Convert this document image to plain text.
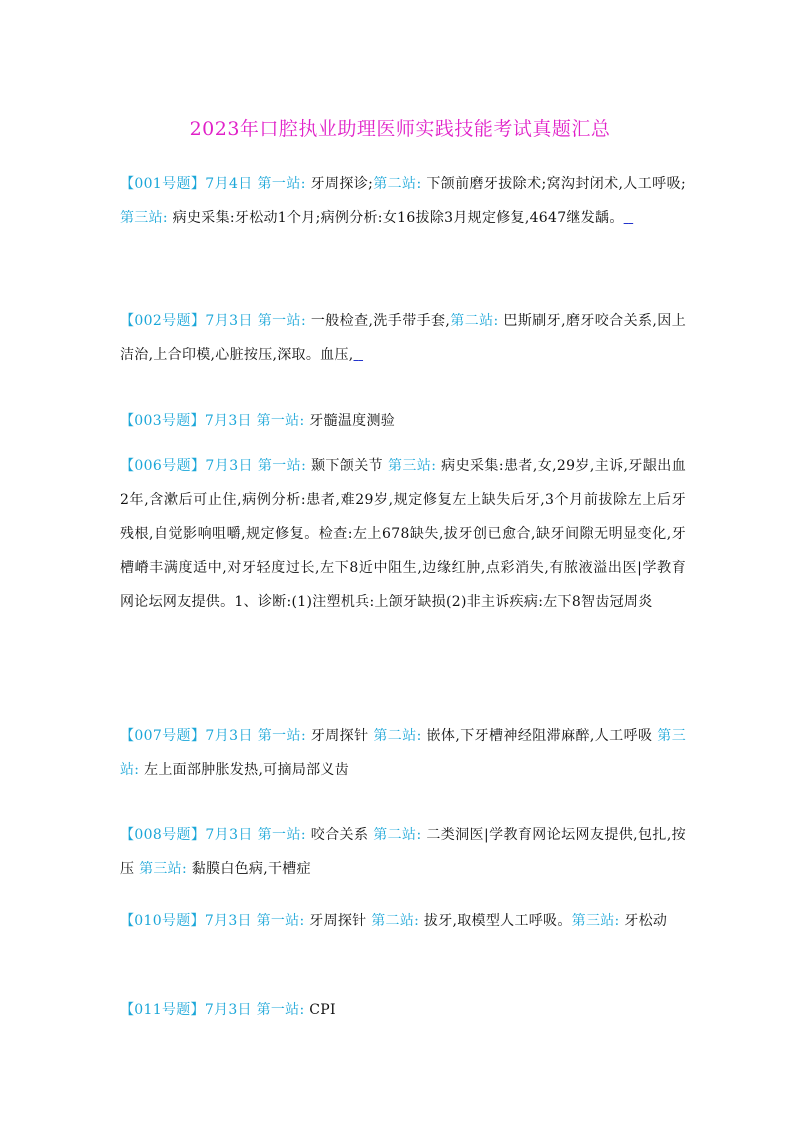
2023年口腔执业助理医师实践技能考试真题汇总
【001号题】7月4日 第一站: 牙周探诊;第二站: 下颌前磨牙拔除术;窝沟封闭术,人工呼吸;第三站: 病史采集:牙松动1个月;病例分析:女16拔除3月规定修复,4647继发龋。
【002号题】7月3日 第一站: 一般检查,洗手带手套,第二站: 巴斯刷牙,磨牙咬合关系,因上洁治,上合印模,心脏按压,深取。血压,
【003号题】7月3日 第一站: 牙髓温度测验
【006号题】7月3日 第一站: 颞下颌关节 第三站: 病史采集:患者,女,29岁,主诉,牙龈出血2年,含漱后可止住,病例分析:患者,难29岁,规定修复左上缺失后牙,3个月前拔除左上后牙残根,自觉影响咀嚼,规定修复。检查:左上678缺失,拔牙创已愈合,缺牙间隙无明显变化,牙槽嵴丰满度适中,对牙轻度过长,左下8近中阻生,边缘红肿,点彩消失,有脓液溢出医|学教育网论坛网友提供。1、诊断:(1)注塑机兵:上颌牙缺损(2)非主诉疾病:左下8智齿冠周炎
【007号题】7月3日 第一站: 牙周探针 第二站: 嵌体,下牙槽神经阻滞麻醉,人工呼吸 第三站: 左上面部肿胀发热,可摘局部义齿
【008号题】7月3日 第一站: 咬合关系 第二站: 二类洞医|学教育网论坛网友提供,包扎,按压 第三站: 黏膜白色病,干槽症
【010号题】7月3日 第一站: 牙周探针 第二站: 拔牙,取模型人工呼吸。第三站: 牙松动
【011号题】7月3日 第一站: CPI
